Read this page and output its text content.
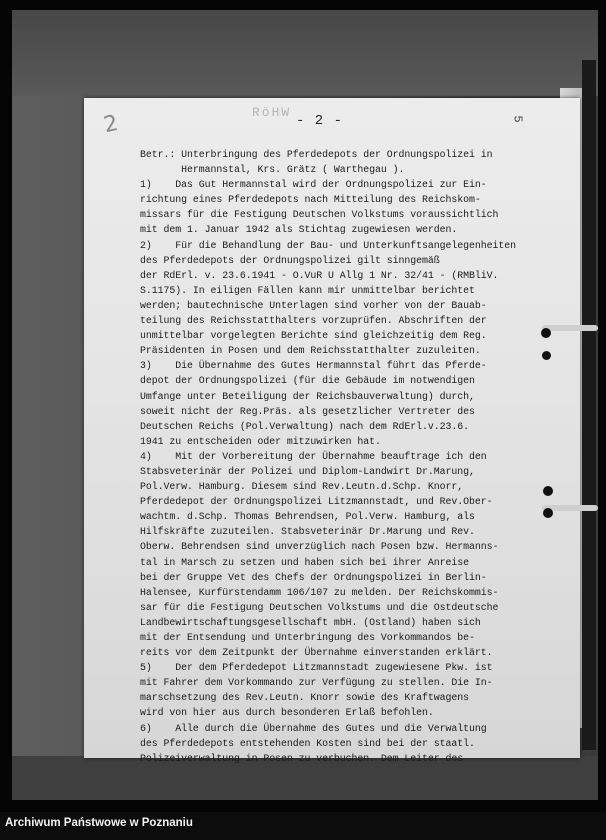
2	RöHW
- 2 -	5
Betr.: Unterbringung des Pferdedepots der Ordnungspolizei in
Hermannstal, Krs. Grätz ( Warthegau ).
1)    Das Gut Hermannstal wird der Ordnungspolizei zur Ein-
richtung eines Pferdedepots nach Mitteilung des Reichskom-
missars für die Festigung Deutschen Volkstums voraussichtlich
mit dem 1. Januar 1942 als Stichtag zugewiesen werden.
2)    Für die Behandlung der Bau- und Unterkunftsangelegenheiten
des Pferdedepots der Ordnungspolizei gilt sinngemäß
der RdErl. v. 23.6.1941 - O.VuR U Allg 1 Nr. 32/41 - (RMBliV.
S.1175). In eiligen Fällen kann mir unmittelbar berichtet
werden; bautechnische Unterlagen sind vorher von der Bauab-
teilung des Reichsstatthalters vorzuprüfen. Abschriften der
unmittelbar vorgelegten Berichte sind gleichzeitig dem Reg.
Präsidenten in Posen und dem Reichsstatthalter zuzuleiten.
3)    Die Übernahme des Gutes Hermannstal führt das Pferde-
depot der Ordnungspolizei (für die Gebäude im notwendigen
Umfange unter Beteiligung der Reichsbauverwaltung) durch,
soweit nicht der Reg.Präs. als gesetzlicher Vertreter des
Deutschen Reichs (Pol.Verwaltung) nach dem RdErl.v.23.6.
1941 zu entscheiden oder mitzuwirken hat.
4)    Mit der Vorbereitung der Übernahme beauftrage ich den
Stabsveterinär der Polizei und Diplom-Landwirt Dr.Marung,
Pol.Verw. Hamburg. Diesem sind Rev.Leutn.d.Schp. Knorr,
Pferdedepot der Ordnungspolizei Litzmannstadt, und Rev.Ober-
wachtm. d.Schp. Thomas Behrendsen, Pol.Verw. Hamburg, als
Hilfskräfte zuzuteilen. Stabsveterinär Dr.Marung und Rev.
Oberw. Behrendsen sind unverzüglich nach Posen bzw. Hermanns-
tal in Marsch zu setzen und haben sich bei ihrer Anreise
bei der Gruppe Vet des Chefs der Ordnungspolizei in Berlin-
Halensee, Kurfürstendamm 106/107 zu melden. Der Reichskommis-
sar für die Festigung Deutschen Volkstums und die Ostdeutsche
Landbewirtschaftungsgesellschaft mbH. (Ostland) haben sich
mit der Entsendung und Unterbringung des Vorkommandos be-
reits vor dem Zeitpunkt der Übernahme einverstanden erklärt.
5)    Der dem Pferdedepot Litzmannstadt zugewiesene Pkw. ist
mit Fahrer dem Vorkommando zur Verfügung zu stellen. Die In-
marschsetzung des Rev.Leutn. Knorr sowie des Kraftwagens
wird von hier aus durch besonderen Erlaß befohlen.
6)    Alle durch die Übernahme des Gutes und die Verwaltung
des Pferdedepots entstehenden Kosten sind bei der staatl.
Polizeiverwaltung in Posen zu verbuchen. Dem Leiter des
Archiwum Państwowe w Poznaniu
